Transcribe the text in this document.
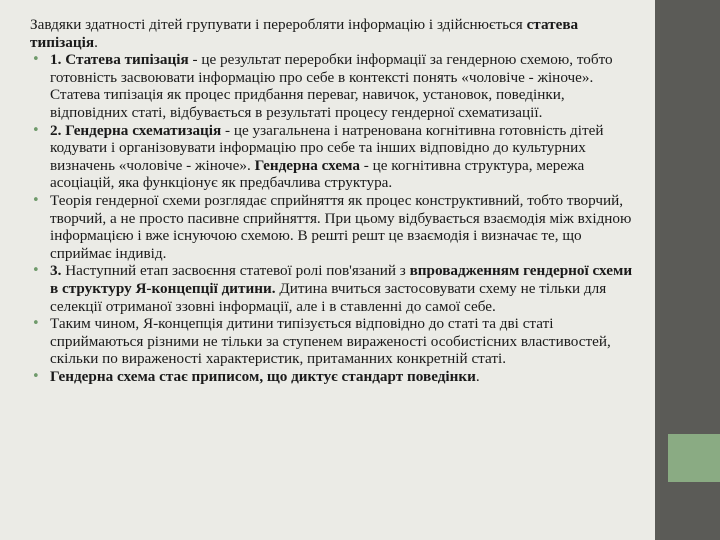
Завдяки здатності дітей групувати і переробляти інформацію і здійснюється статева типізація.

• 1. Статева типізація - це результат переробки інформації за гендерною схемою, тобто готовність засвоювати інформацію про себе в контексті понять «чоловіче - жіноче». Статева типізація як процес придбання переваг, навичок, установок, поведінки, відповідних статі, відбувається в результаті процесу гендерної схематизації.
• 2. Гендерна схематизація - це узагальнена і натренована когнітивна готовність дітей кодувати і організовувати інформацію про себе та інших відповідно до культурних визначень «чоловіче - жіноче». Гендерна схема - це когнітивна структура, мережа асоціацій, яка функціонує як предбачлива структура.
• Теорія гендерної схеми розглядає сприйняття як процес конструктивний, тобто творчий, творчий, а не просто пасивне сприйняття. При цьому відбувається взаємодія між вхідною інформацією і вже існуючою схемою. В решті решт це взаємодія і визначає те, що сприймає індивід.
• 3. Наступний етап засвоєння статевої ролі пов'язаний з впровадженням гендерної схеми в структуру Я-концепції дитини. Дитина вчиться застосовувати схему не тільки для селекції отриманої ззовні інформації, але і в ставленні до самої себе.
• Таким чином, Я-концепція дитини типізується відповідно до статі та дві статі сприймаються різними не тільки за ступенем вираженості особистісних властивостей, скільки по вираженості характеристик, притаманних конкретній статі.
• Гендерна схема стає приписом, що диктує стандарт поведінки.
